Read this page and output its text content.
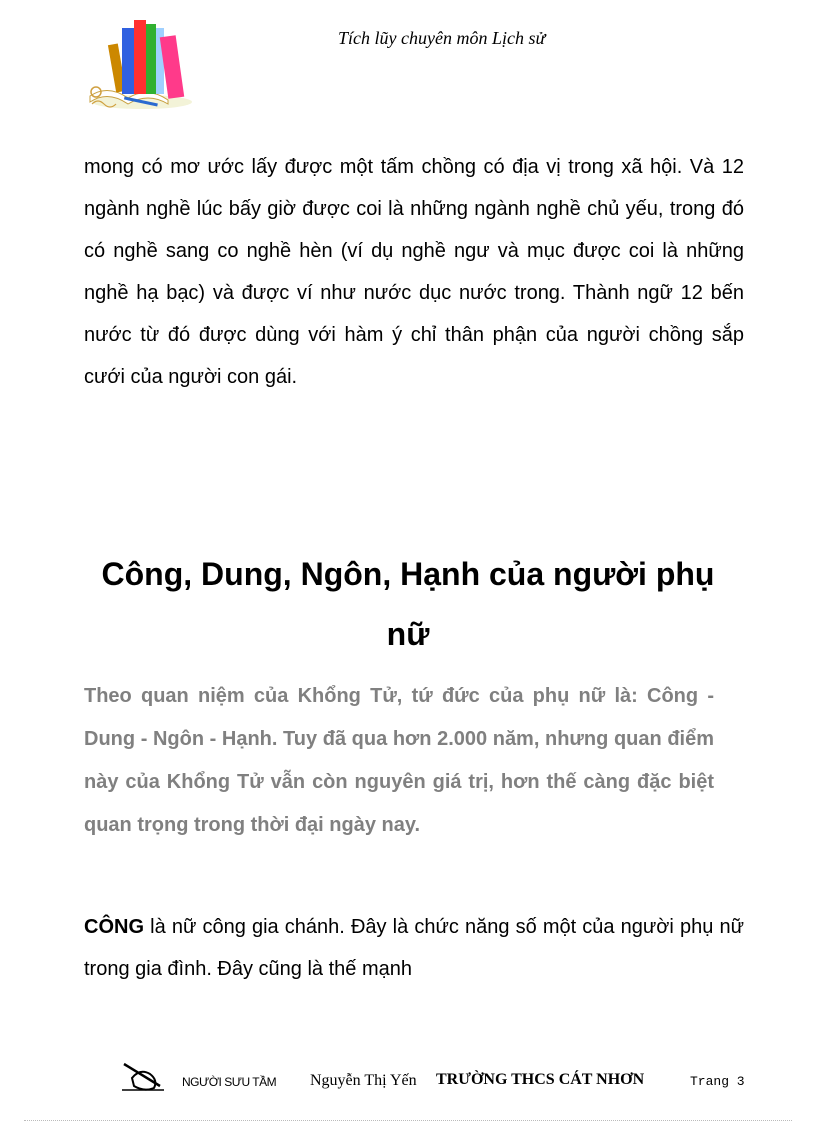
Tích lũy chuyên môn Lịch sử

mong có mơ ước lấy được một tấm chồng có địa vị trong xã hội. Và 12 ngành nghề lúc bấy giờ được coi là những ngành nghề chủ yếu, trong đó có nghề sang co nghề hèn (ví dụ nghề ngư và mục được coi là những nghề hạ bạc) và được ví như nước dục nước trong. Thành ngữ 12 bến nước từ đó được dùng với hàm ý chỉ thân phận của người chồng sắp cưới của người con gái.

Công, Dung, Ngôn, Hạnh của người phụ nữ

Theo quan niệm của Khổng Tử, tứ đức của phụ nữ là: Công - Dung - Ngôn - Hạnh. Tuy đã qua hơn 2.000 năm, nhưng quan điểm này của Khổng Tử vẫn còn nguyên giá trị, hơn thế càng đặc biệt quan trọng trong thời đại ngày nay.

CÔNG là nữ công gia chánh. Đây là chức năng số một của người phụ nữ trong gia đình. Đây cũng là thế mạnh

NGƯỜI SƯU TẦM Nguyễn Thị Yến TRƯỜNG THCS CÁT NHƠN	Trang 3
